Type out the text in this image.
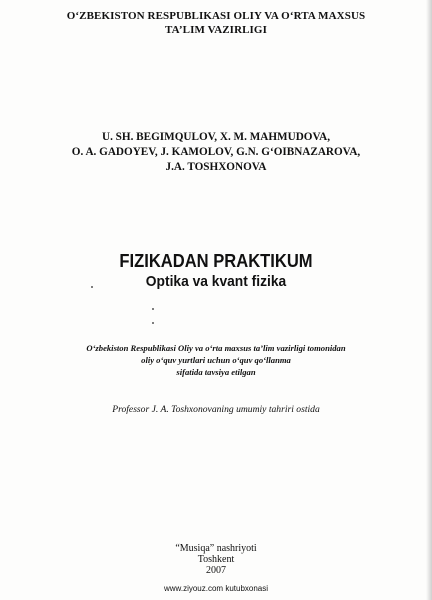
O‘ZBEKISTON RESPUBLIKASI OLIY VA O‘RTA MAXSUS
TA’LIM VAZIRLIGI
U. SH. BEGIMQULOV, X. M. MAHMUDOVA,
O. A. GADOYEV, J. KAMOLOV, G.N. G‘OIBNAZAROVA,
J.A. TOSHXONOVA
FIZIKADAN PRAKTIKUM
Optika va kvant fizika
O‘zbekiston Respublikasi Oliy va o‘rta maxsus ta’lim vazirligi tomonidan
oliy o‘quv yurtlari uchun o‘quv qo‘llanma
sifatida tavsiya etilgan
Professor J. A. Toshxonovaning umumiy tahriri ostida
“Musiqa” nashriyoti
Toshkent
2007
www.ziyouz.com kutubxonasi
